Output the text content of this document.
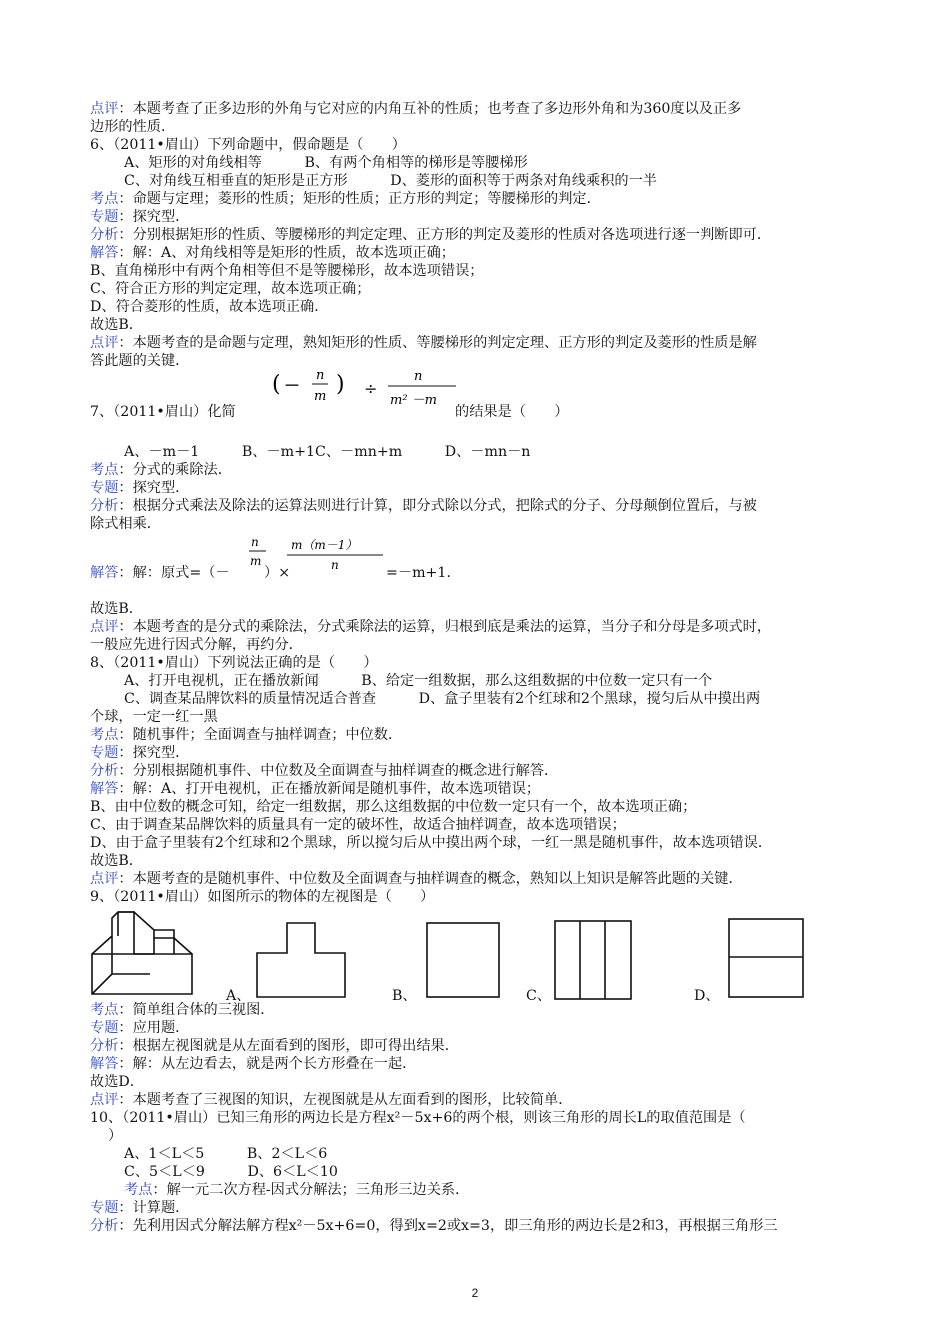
点评：本题考查了正多边形的外角与它对应的内角互补的性质；也考查了多边形外角和为360度以及正多
边形的性质．
6、（2011•眉山）下列命题中，假命题是（　　）
A、矩形的对角线相等　　　B、有两个角相等的梯形是等腰梯形
C、对角线互相垂直的矩形是正方形　　　D、菱形的面积等于两条对角线乘积的一半
考点：命题与定理；菱形的性质；矩形的性质；正方形的判定；等腰梯形的判定．
专题：探究型．
分析：分别根据矩形的性质、等腰梯形的判定定理、正方形的判定及菱形的性质对各选项进行逐一判断即可．
解答：解：A、对角线相等是矩形的性质，故本选项正确；
B、直角梯形中有两个角相等但不是等腰梯形，故本选项错误；
C、符合正方形的判定定理，故本选项正确；
D、符合菱形的性质，故本选项正确．
故选B．
点评：本题考查的是命题与定理，熟知矩形的性质、等腰梯形的判定定理、正方形的判定及菱形的性质是解
答此题的关键．
7、（2011•眉山）化简	的结果是（　　）
A、－m－1　　　B、－m+1C、－mn+m　　　D、－mn－n
考点：分式的乘除法．
专题：探究型．
分析：根据分式乘法及除法的运算法则进行计算，即分式除以分式，把除式的分子、分母颠倒位置后，与被
除式相乘．
解答：解：原式=（－	）×	=－m+1．
故选B．
点评：本题考查的是分式的乘除法，分式乘除法的运算，归根到底是乘法的运算，当分子和分母是多项式时，
一般应先进行因式分解，再约分．
8、（2011•眉山）下列说法正确的是（　　）
A、打开电视机，正在播放新闻　　　B、给定一组数据，那么这组数据的中位数一定只有一个
C、调查某品牌饮料的质量情况适合普查　　　D、盒子里装有2个红球和2个黑球，搅匀后从中摸出两
个球，一定一红一黑
考点：随机事件；全面调查与抽样调查；中位数．
专题：探究型．
分析：分别根据随机事件、中位数及全面调查与抽样调查的概念进行解答．
解答：解：A、打开电视机，正在播放新闻是随机事件，故本选项错误；
B、由中位数的概念可知，给定一组数据，那么这组数据的中位数一定只有一个，故本选项正确；
C、由于调查某品牌饮料的质量具有一定的破坏性，故适合抽样调查，故本选项错误；
D、由于盒子里装有2个红球和2个黑球，所以搅匀后从中摸出两个球，一红一黑是随机事件，故本选项错误．
故选B．
点评：本题考查的是随机事件、中位数及全面调查与抽样调查的概念，熟知以上知识是解答此题的关键．
9、（2011•眉山）如图所示的物体的左视图是（　　）
考点：简单组合体的三视图．
专题：应用题．
分析：根据左视图就是从左面看到的图形，即可得出结果．
解答：解：从左边看去，就是两个长方形叠在一起．
故选D．
点评：本题考查了三视图的知识，左视图就是从左面看到的图形，比较简单．
10、（2011•眉山）已知三角形的两边长是方程x²－5x+6的两个根，则该三角形的周长L的取值范围是（
）
A、1＜L＜5　　　B、2＜L＜6
C、5＜L＜9　　　D、6＜L＜10
考点：解一元二次方程-因式分解法；三角形三边关系．
专题：计算题．
分析：先利用因式分解法解方程x²－5x+6=0，得到x=2或x=3，即三角形的两边长是2和3，再根据三角形三
( －
n
m ) ÷
n
m² －m
n
m
m（m－1）
n
A、	B、	C、	D、
2
